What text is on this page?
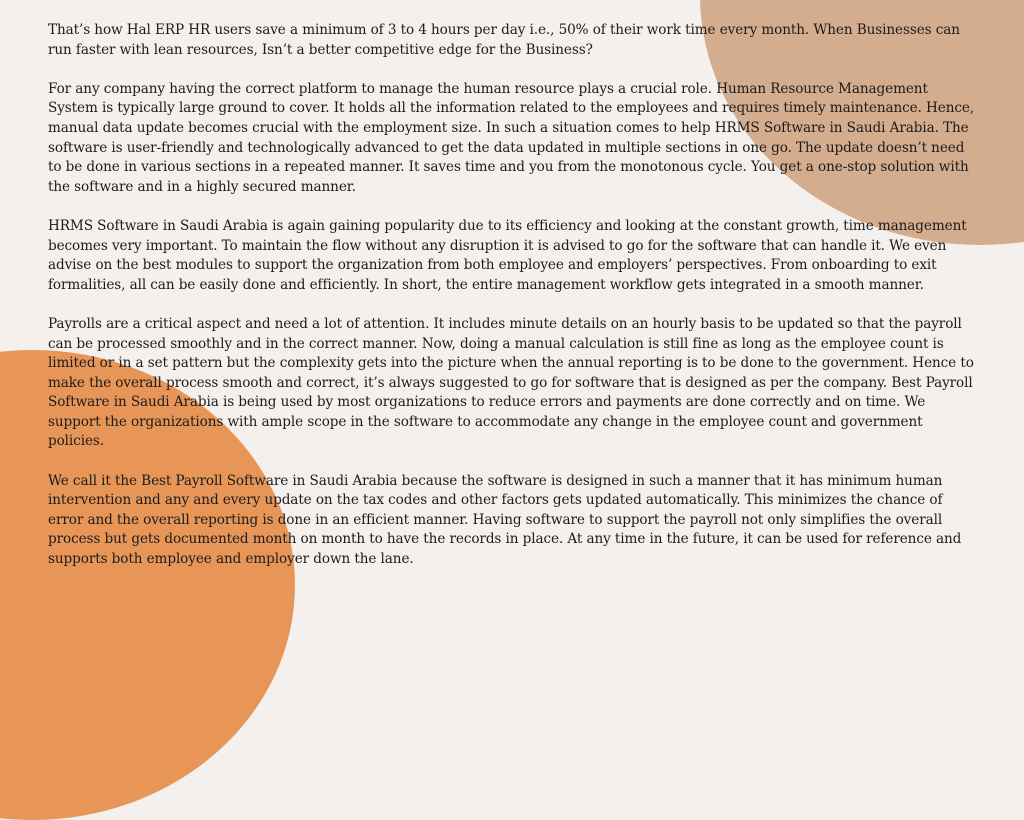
That’s how Hal ERP HR users save a minimum of 3 to 4 hours per day i.e., 50% of their work time every month. When Businesses can run faster with lean resources, Isn’t a better competitive edge for the Business?

For any company having the correct platform to manage the human resource plays a crucial role. Human Resource Management System is typically large ground to cover. It holds all the information related to the employees and requires timely maintenance. Hence, manual data update becomes crucial with the employment size. In such a situation comes to help HRMS Software in Saudi Arabia. The software is user-friendly and technologically advanced to get the data updated in multiple sections in one go. The update doesn’t need to be done in various sections in a repeated manner. It saves time and you from the monotonous cycle. You get a one-stop solution with the software and in a highly secured manner.

HRMS Software in Saudi Arabia is again gaining popularity due to its efficiency and looking at the constant growth, time management becomes very important. To maintain the flow without any disruption it is advised to go for the software that can handle it. We even advise on the best modules to support the organization from both employee and employers’ perspectives. From onboarding to exit formalities, all can be easily done and efficiently. In short, the entire management workflow gets integrated in a smooth manner.

Payrolls are a critical aspect and need a lot of attention. It includes minute details on an hourly basis to be updated so that the payroll can be processed smoothly and in the correct manner. Now, doing a manual calculation is still fine as long as the employee count is limited or in a set pattern but the complexity gets into the picture when the annual reporting is to be done to the government. Hence to make the overall process smooth and correct, it’s always suggested to go for software that is designed as per the company. Best Payroll Software in Saudi Arabia is being used by most organizations to reduce errors and payments are done correctly and on time. We support the organizations with ample scope in the software to accommodate any change in the employee count and government policies.

We call it the Best Payroll Software in Saudi Arabia because the software is designed in such a manner that it has minimum human intervention and any and every update on the tax codes and other factors gets updated automatically. This minimizes the chance of error and the overall reporting is done in an efficient manner. Having software to support the payroll not only simplifies the overall process but gets documented month on month to have the records in place. At any time in the future, it can be used for reference and supports both employee and employer down the lane.
